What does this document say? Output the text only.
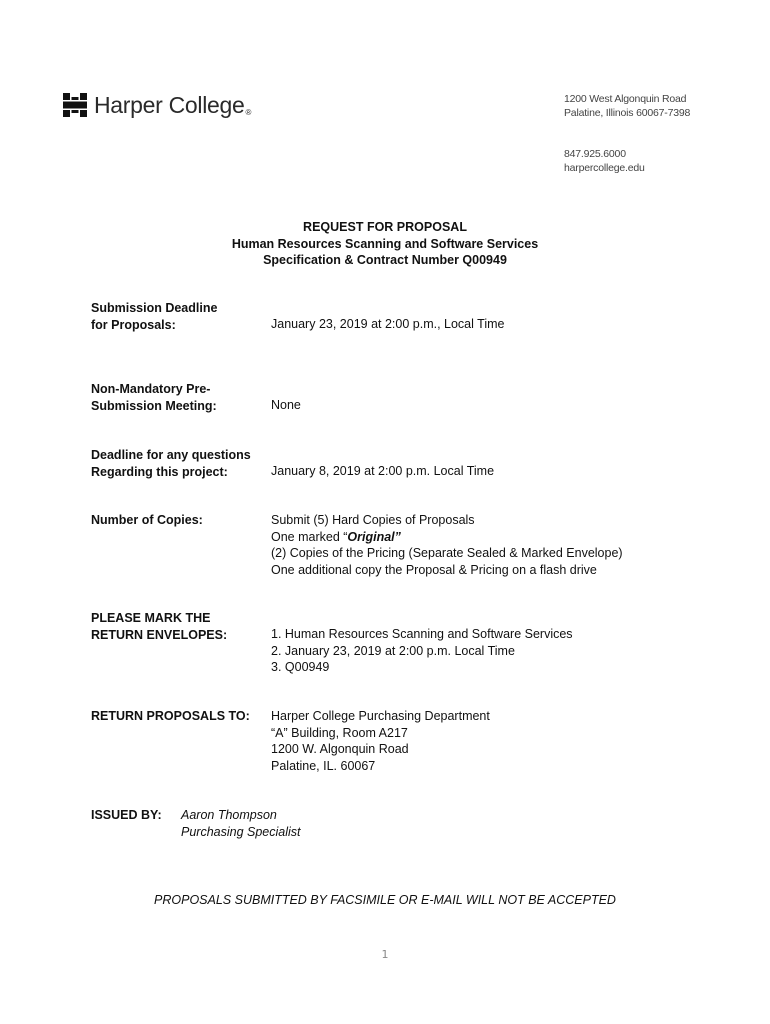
Harper College®
1200 West Algonquin Road
Palatine, Illinois 60067-7398
847.925.6000
harpercollege.edu
REQUEST FOR PROPOSAL
Human Resources Scanning and Software Services
Specification & Contract Number Q00949
Submission Deadline
for Proposals:	January 23, 2019 at 2:00 p.m., Local Time
Non-Mandatory Pre-
Submission Meeting:	None
Deadline for any questions
Regarding this project:	January 8, 2019 at 2:00 p.m. Local Time
Number of Copies:	Submit (5) Hard Copies of Proposals
One marked “Original”
(2) Copies of the Pricing (Separate Sealed & Marked Envelope)
One additional copy the Proposal & Pricing on a flash drive
PLEASE MARK THE
RETURN ENVELOPES:	1. Human Resources Scanning and Software Services
2. January 23, 2019 at 2:00 p.m. Local Time
3. Q00949
RETURN PROPOSALS TO: Harper College Purchasing Department
“A” Building, Room A217
1200 W. Algonquin Road
Palatine, IL. 60067
ISSUED BY: Aaron Thompson
Purchasing Specialist
PROPOSALS SUBMITTED BY FACSIMILE OR E-MAIL WILL NOT BE ACCEPTED
1
